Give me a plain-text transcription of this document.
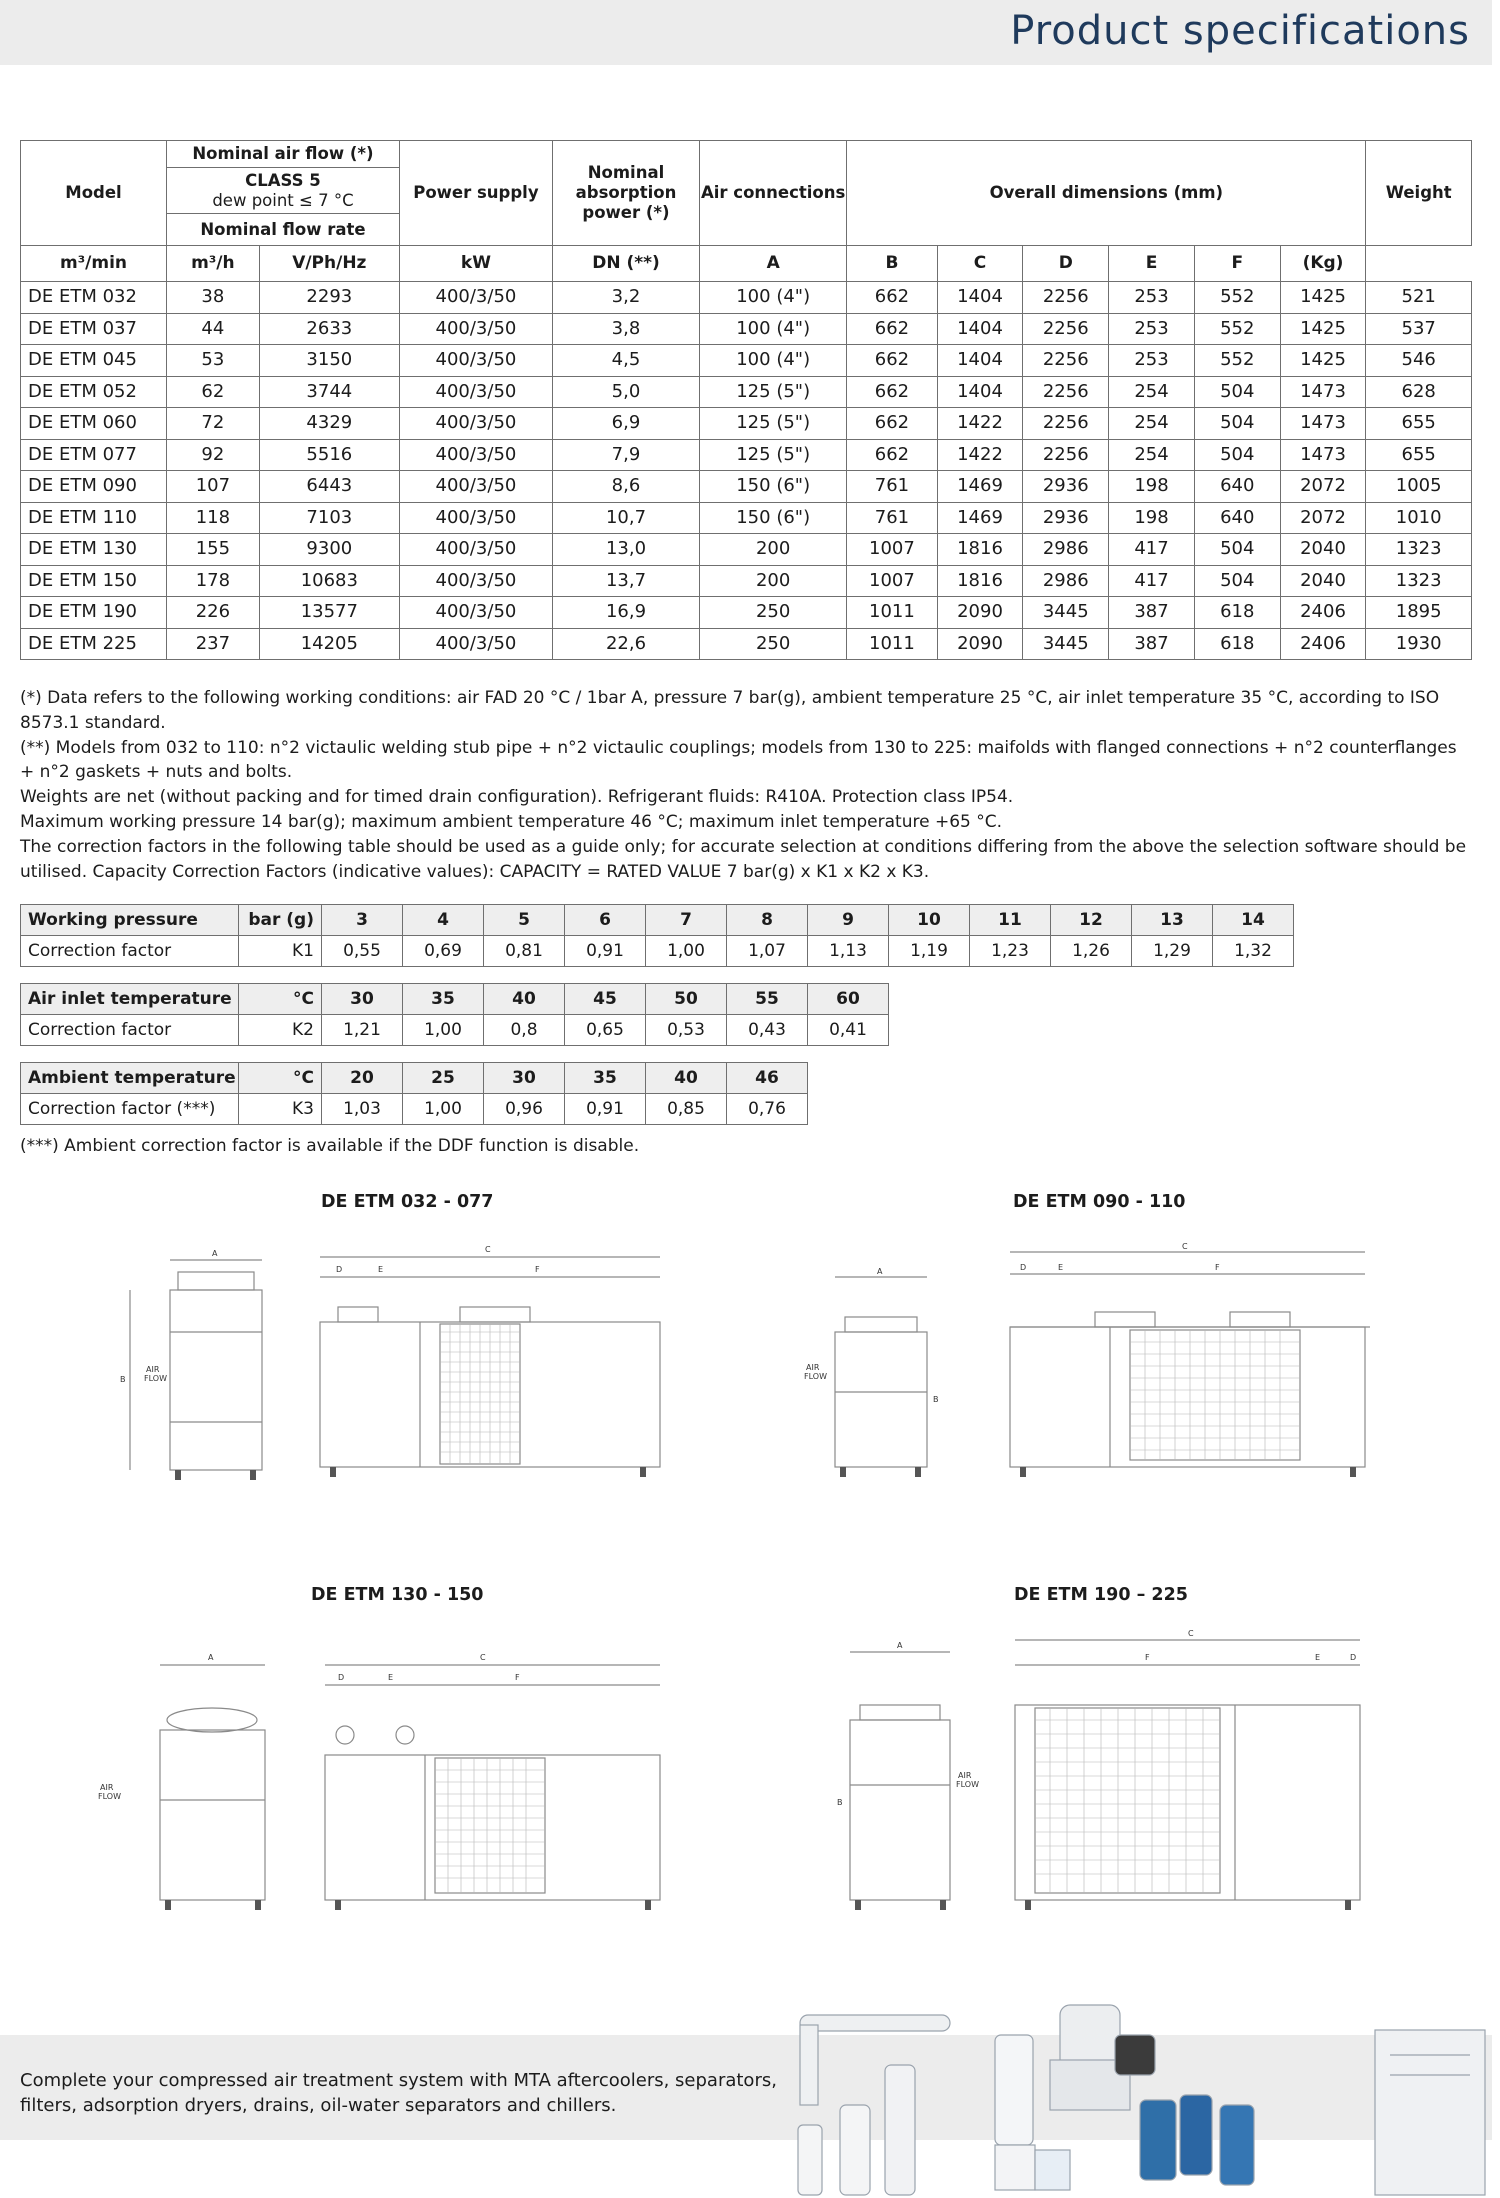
Product specifications
Model	Nominal air flow (*)		Power supply	Nominal absorption power (*)	Air connections	Overall dimensions (mm)						Weight

	CLASS 5
dew point ≤ 7 °C											

	Nominal flow rate											
m³/min	m³/h	V/Ph/Hz	kW	DN (**)	A	B	C	D	E	F	(Kg)	
DE ETM 032	38	2293	400/3/50	3,2	100 (4")	662	1404	2256	253	552	1425	521
DE ETM 037	44	2633	400/3/50	3,8	100 (4")	662	1404	2256	253	552	1425	537
DE ETM 045	53	3150	400/3/50	4,5	100 (4")	662	1404	2256	253	552	1425	546
DE ETM 052	62	3744	400/3/50	5,0	125 (5")	662	1404	2256	254	504	1473	628
DE ETM 060	72	4329	400/3/50	6,9	125 (5")	662	1422	2256	254	504	1473	655
DE ETM 077	92	5516	400/3/50	7,9	125 (5")	662	1422	2256	254	504	1473	655
DE ETM 090	107	6443	400/3/50	8,6	150 (6")	761	1469	2936	198	640	2072	1005
DE ETM 110	118	7103	400/3/50	10,7	150 (6")	761	1469	2936	198	640	2072	1010
DE ETM 130	155	9300	400/3/50	13,0	200	1007	1816	2986	417	504	2040	1323
DE ETM 150	178	10683	400/3/50	13,7	200	1007	1816	2986	417	504	2040	1323
DE ETM 190	226	13577	400/3/50	16,9	250	1011	2090	3445	387	618	2406	1895
DE ETM 225	237	14205	400/3/50	22,6	250	1011	2090	3445	387	618	2406	1930

(*) Data refers to the following working conditions: air FAD 20 °C / 1bar A, pressure 7 bar(g), ambient temperature 25 °C, air inlet temperature 35 °C, according to ISO 8573.1 standard.

(**) Models from 032 to 110: n°2 victaulic welding stub pipe + n°2 victaulic couplings; models from 130 to 225: maifolds with flanged connections + n°2 counterflanges + n°2 gaskets + nuts and bolts.

Weights are net (without packing and for timed drain configuration). Refrigerant fluids: R410A. Protection class IP54.

Maximum working pressure 14 bar(g); maximum ambient temperature 46 °C; maximum inlet temperature +65 °C.

The correction factors in the following table should be used as a guide only; for accurate selection at conditions differing from the above the selection software should be utilised. Capacity Correction Factors (indicative values): CAPACITY = RATED VALUE 7 bar(g) x K1 x K2 x K3.

Working pressure	bar (g)	3	4	5	6	7	8	9	10	11	12	13	14
Correction factor	K1	0,55	0,69	0,81	0,91	1,00	1,07	1,13	1,19	1,23	1,26	1,29	1,32
Air inlet temperature	°C	30	35	40	45	50	55	60
Correction factor	K2	1,21	1,00	0,8	0,65	0,53	0,43	0,41
Ambient temperature	°C	20	25	30	35	40	46
Correction factor (***)	K3	1,03	1,00	0,96	0,91	0,85	0,76
(***) Ambient correction factor is available if the DDF function is disable.
DE ETM 032 - 077	DE ETM 090 - 110
DE ETM 130 - 150	DE ETM 190 – 225
A
B
C
D	E	F
AIR
FLOW
A
B
C
D	E	F
AIR
FLOW
A	C
D	E	F
AIR
FLOW
A
B
C
D
E
F
AIR
FLOW

Complete your compressed air treatment system with MTA aftercoolers, separators, filters, adsorption dryers, drains, oil-water separators and chillers.
